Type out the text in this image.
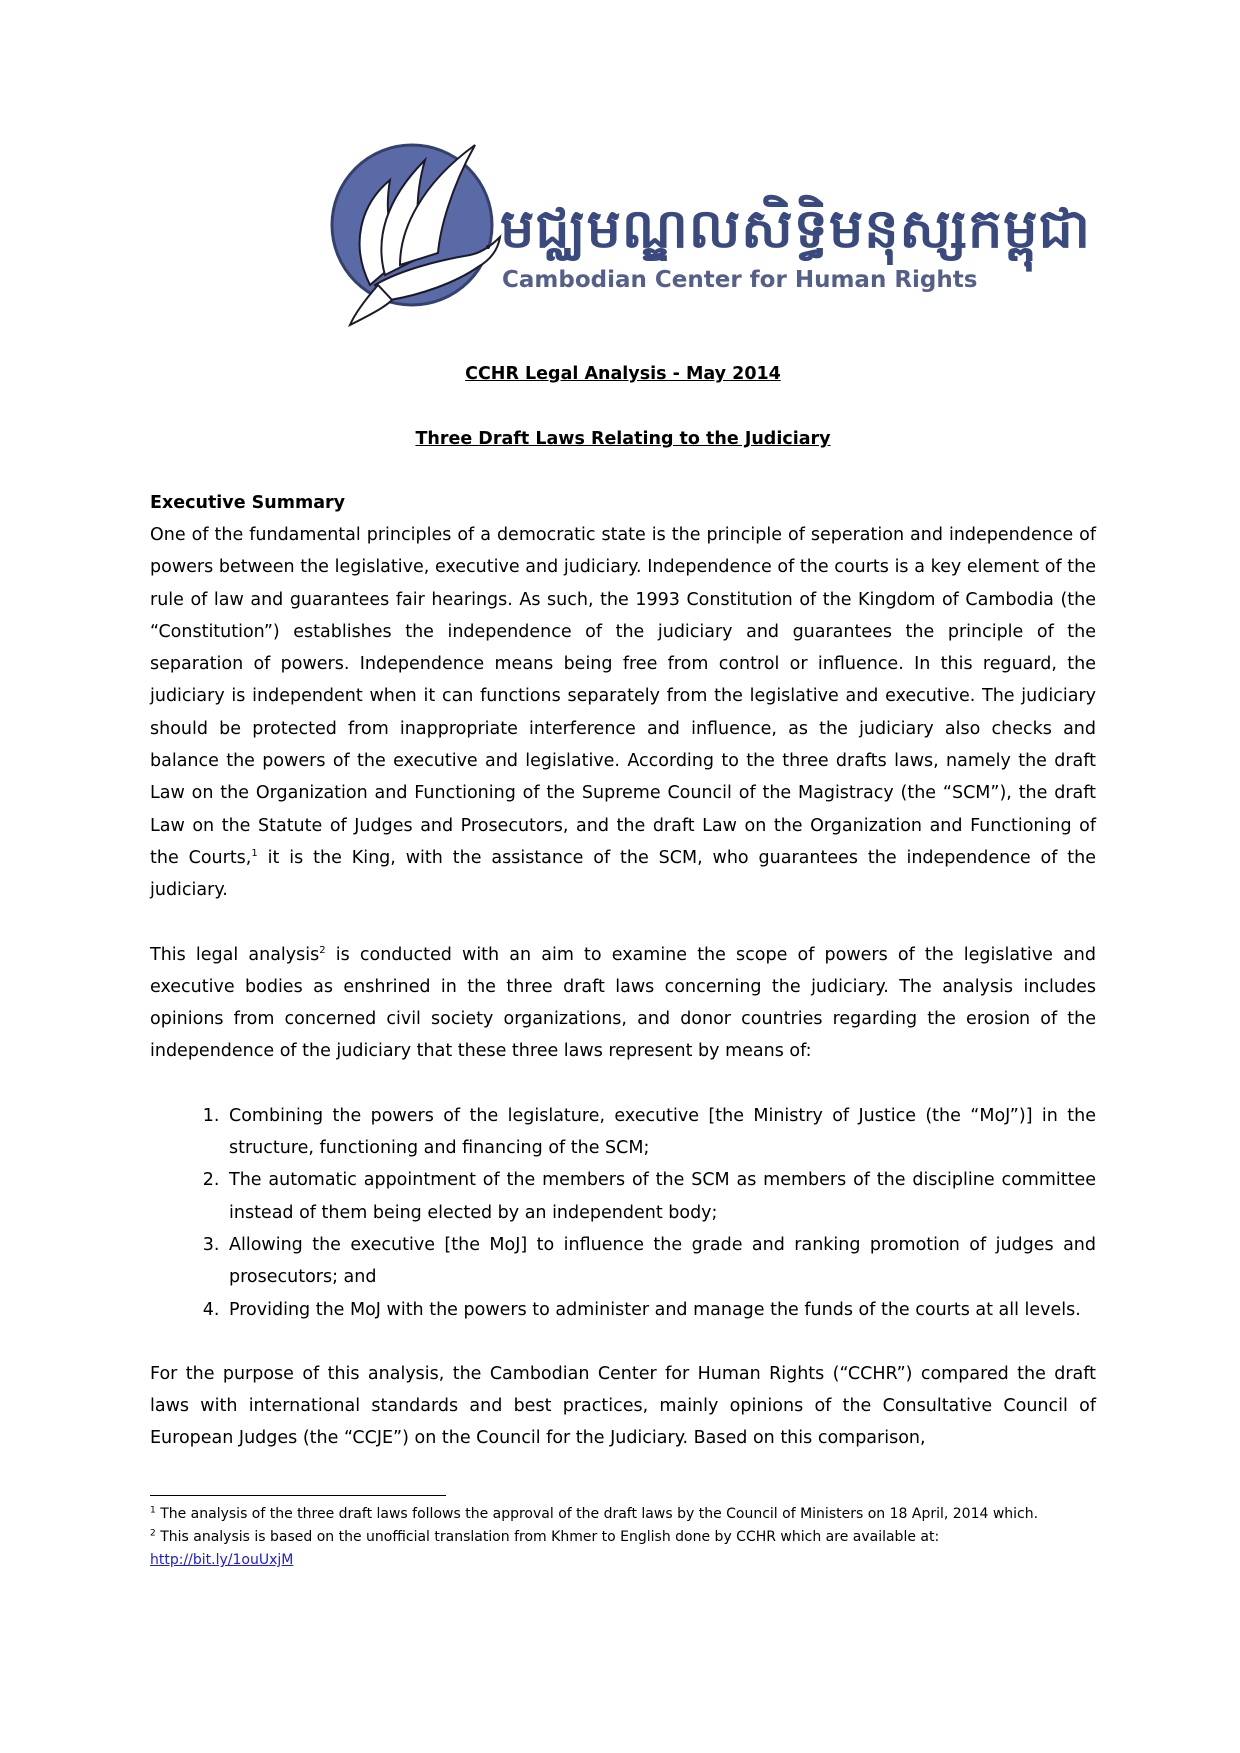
មជ្ឈមណ្ឌលសិទ្ធិមនុស្សកម្ពុជា
Cambodian Center for Human Rights
CCHR Legal Analysis - May 2014
Three Draft Laws Relating to the Judiciary
Executive Summary

One of the fundamental principles of a democratic state is the principle of seperation and independence of powers between the legislative, executive and judiciary. Independence of the courts is a key element of the rule of law and guarantees fair hearings. As such, the 1993 Constitution of the Kingdom of Cambodia (the “Constitution”) establishes the independence of the judiciary and guarantees the principle of the separation of powers. Independence means being free from control or influence. In this reguard, the judiciary is independent when it can functions separately from the legislative and executive. The judiciary should be protected from inappropriate interference and influence, as the judiciary also checks and balance the powers of the executive and legislative. According to the three drafts laws, namely the draft Law on the Organization and Functioning of the Supreme Council of the Magistracy (the “SCM”), the draft Law on the Statute of Judges and Prosecutors, and the draft Law on the Organization and Functioning of the Courts,$^1$ it is the King, with the assistance of the SCM, who guarantees the independence of the judiciary.

This legal analysis$^2$ is conducted with an aim to examine the scope of powers of the legislative and executive bodies as enshrined in the three draft laws concerning the judiciary. The analysis includes opinions from concerned civil society organizations, and donor countries regarding the erosion of the independence of the judiciary that these three laws represent by means of:

1. Combining the powers of the legislature, executive [the Ministry of Justice (the “MoJ”)] in the structure, functioning and financing of the SCM;
2. The automatic appointment of the members of the SCM as members of the discipline committee instead of them being elected by an independent body;
3. Allowing the executive [the MoJ] to influence the grade and ranking promotion of judges and prosecutors; and
4. Providing the MoJ with the powers to administer and manage the funds of the courts at all levels.

For the purpose of this analysis, the Cambodian Center for Human Rights (“CCHR”) compared the draft laws with international standards and best practices, mainly opinions of the Consultative Council of European Judges (the “CCJE”) on the Council for the Judiciary. Based on this comparison,

$^1$ The analysis of the three draft laws follows the approval of the draft laws by the Council of Ministers on 18 April, 2014 which.

$^2$ This analysis is based on the unofficial translation from Khmer to English done by CCHR which are available at:
http://bit.ly/1ouUxjM
